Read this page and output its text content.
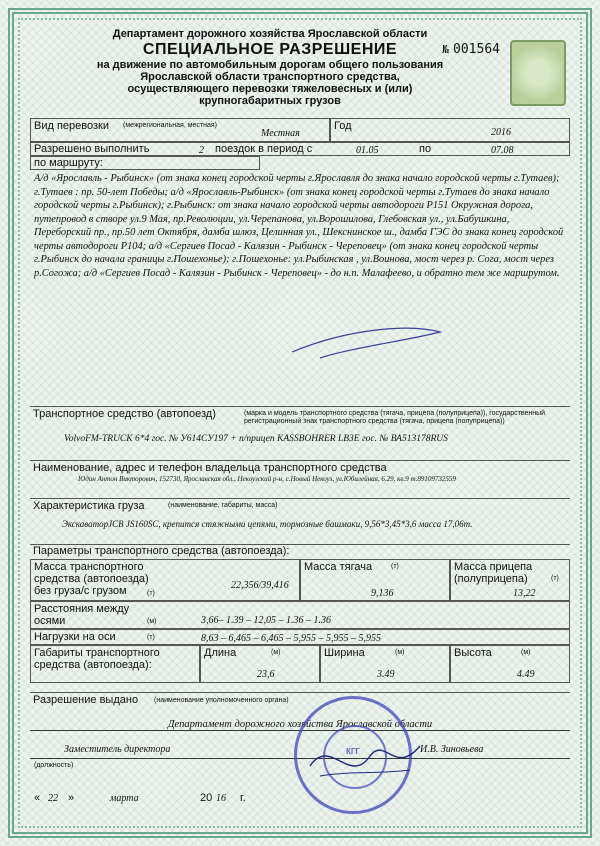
№ 001564
Департамент дорожного хозяйства Ярославской области
СПЕЦИАЛЬНОЕ РАЗРЕШЕНИЕ
на движение по автомобильным дорогам общего пользования
Ярославской области транспортного средства,
осуществляющего перевозки тяжеловесных и (или)
крупногабаритных грузов
Вид перевозки (межрегиональная, местная)
Местная
Год
2016
Разрешено выполнить	2 поездок в период с	01.05	по	07.08
по маршруту:
А/д «Ярославль - Рыбинск» (от знака конец городской черты г.Ярославля до знака начало городской черты г.Тутаев); г.Тутаев : пр. 50-лет Победы; а/д «Ярославль-Рыбинск» (от знака конец городской черты г.Тутаев до знака начало городской черты г.Рыбинск); г.Рыбинск: от знака начало городской черты автодороги Р151 Окружная дорога, путепровод в створе ул.9 Мая, пр.Революции, ул.Черепанова, ул.Ворошилова, Глебовская ул., ул.Бабушкина, Переборский пр., пр.50 лет Октября, дамба шлюз, Целинная ул., Шекснинское ш., дамба ГЭС до знака конец городской черты автодороги Р104; а/д «Сергиев Посад - Калязин - Рыбинск - Череповец» (от знака конец городской черты г.Рыбинск до начала границы г.Пошехонье); г.Пошехонье: ул.Рыбинская , ул.Воинова, мост через р. Сога, мост через р.Согожа; а/д «Сергиев Посад - Калязин - Рыбинск - Череповец» - до н.п. Малафеево, и обратно тем же маршрутом.
Транспортное средство (автопоезд)	(марка и модель транспортного средства (тягача, прицепа (полуприцепа)), государственный регистрационный знак транспортного средства (тягача, прицепа (полуприцепа))
VolvoFM-TRUCK 6*4 гос. № У614СУ197 + п/прицеп KASSBOHRER LB3E гос. № ВА513178RUS
Наименование, адрес и телефон владельца транспортного средства
Юдин Антон Викторович, 152730, Ярославская обл., Некоузский р-н, с.Новый Некоуз, ул.Юбилейная, 6.29, кв.9 т.89109732559
Характеристика груза	(наименование, габариты, масса)
ЭкскаваторJCB JS160SC, крепится стяжными цепями, тормозные башмаки, 9,56*3,45*3,6 масса 17,06т.
Параметры транспортного средства (автопоезда):
Масса транспортного средства (автопоезда) без груза/с грузом	(т)
22,356/39,416
Масса тягача	(т)
9,136
Масса прицепа (полуприцепа)	(т)
13,22
Расстояния между осями	(м)	3,66– 1.39 – 12,05 – 1.36 – 1.36
Нагрузки на оси	(т)	8,63 – 6,465 – 6,465 – 5,955 – 5,955 – 5,955
Габариты транспортного средства (автопоезда):
Длина	(м)
23,6
Ширина	(м)
3.49
Высота	(м)
4.49
Разрешение выдано (наименование уполномоченного органа)
Департамент дорожного хозяйства Ярославской области
Заместитель директора	И.В. Зиновьева
(должность)
« 22 »	марта	20 16 г.
КГГ
